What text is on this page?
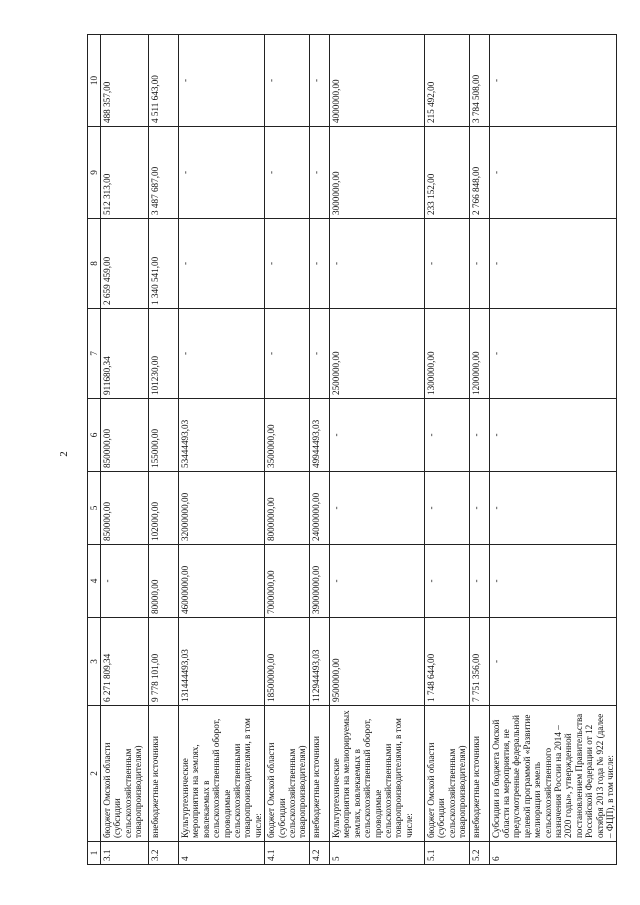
2
1	2	3	4	5	6	7	8	9	10
3.1	бюджет Омской области (субсидии сельскохозяйственным товаропроизводителям)	6 271 809,34	-	850000,00	850000,00	911680,34	2 659 459,00	512 313,00	488 357,00
3.2	внебюджетные источники	9 778 101,00	80000,00	102000,00	155000,00	101230,00	1 340 541,00	3 487 687,00	4 511 643,00
4	Культуртехнические мероприятия на землях, вовлекаемых в сельскохозяйственный оборот, проводимые сельскохозяйственными товаропроизводителями, в том числе:	131444493,03	46000000,00	32000000,00	53444493,03	-	-	-	-
4.1	бюджет Омской области (субсидии сельскохозяйственным товаропроизводителям)	18500000,00	7000000,00	8000000,00	3500000,00	-	-	-	-
4.2	внебюджетные источники	112944493,03	39000000,00	24000000,00	49944493,03	-	-	-	-
5	Культуртехнические мероприятия на мелиорируемых землях, вовлекаемых в сельскохозяйственный оборот, проводимые сельскохозяйственными товаропроизводителями, в том числе:	9500000,00	-	-	-	2500000,00	-	3000000,00	4000000,00
5.1	бюджет Омской области (субсидии сельскохозяйственным товаропроизводителям)	1 748 644,00	-	-	-	1300000,00	-	233 152,00	215 492,00
5.2	внебюджетные источники	7 751 356,00	-	-	-	1200000,00	-	2 766 848,00	3 784 508,00
6	Субсидии из бюджета Омской области на мероприятия, не предусмотренные федеральной целевой программой «Развитие мелиорации земель сельскохозяйственного назначения России на 2014 – 2020 годы», утвержденной постановлением Правительства Российской Федерации от 12 октября 2013 года № 922 (далее – ФЦП), в том числе:	-	-	-	-	-	-	-	-
